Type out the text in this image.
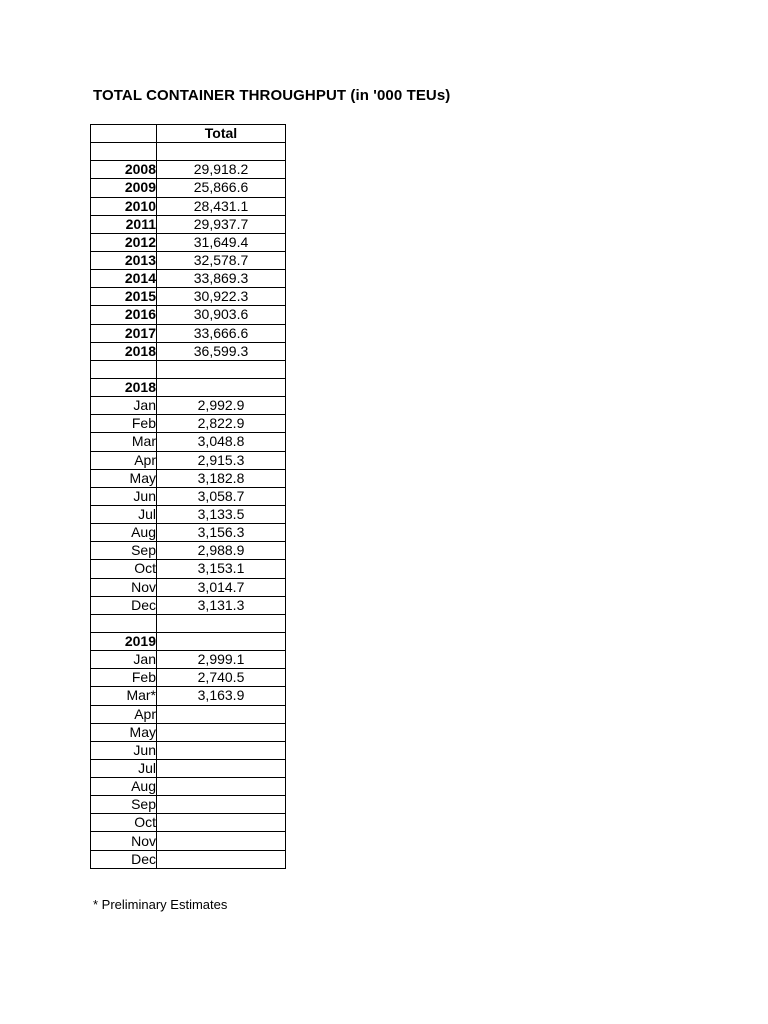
TOTAL CONTAINER THROUGHPUT (in '000 TEUs)
	Total

2008	29,918.2
2009	25,866.6
2010	28,431.1
2011	29,937.7
2012	31,649.4
2013	32,578.7
2014	33,869.3
2015	30,922.3
2016	30,903.6
2017	33,666.6
2018	36,599.3

2018	
Jan	2,992.9
Feb	2,822.9
Mar	3,048.8
Apr	2,915.3
May	3,182.8
Jun	3,058.7
Jul	3,133.5
Aug	3,156.3
Sep	2,988.9
Oct	3,153.1
Nov	3,014.7
Dec	3,131.3

2019	
Jan	2,999.1
Feb	2,740.5
Mar*	3,163.9
Apr	
May	
Jun	
Jul	
Aug	
Sep	
Oct	
Nov	
Dec	
* Preliminary Estimates
